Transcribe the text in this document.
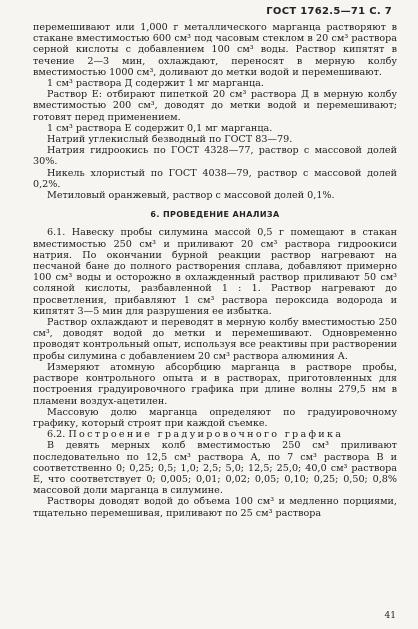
ГОСТ 1762.5—71 С. 7

перемешивают или 1,000 г металлического марганца растворяют в стакане вместимостью 600 см³ под часовым стеклом в 20 см³ раствора серной кислоты с добавлением 100 см³ воды. Раствор кипятят в течение 2—3 мин, охлаждают, переносят в мерную колбу вместимостью 1000 см³, доливают до метки водой и перемешивают.

1 см³ раствора Д содержит 1 мг марганца.

Раствор Е: отбирают пипеткой 20 см³ раствора Д в мерную колбу вместимостью 200 см³, доводят до метки водой и перемешивают; готовят перед применением.

1 см³ раствора Е содержит 0,1 мг марганца.

Натрий углекислый безводный по ГОСТ 83—79.

Натрия гидроокись по ГОСТ 4328—77, раствор с массовой долей 30%.

Никель хлористый по ГОСТ 4038—79, раствор с массовой долей 0,2%.

Метиловый оранжевый, раствор с массовой долей 0,1%.

6. ПРОВЕДЕНИЕ АНАЛИЗА

6.1. Навеску пробы силумина массой 0,5 г помещают в стакан вместимостью 250 см³ и приливают 20 см³ раствора гидроокиси натрия. По окончании бурной реакции раствор нагревают на песчаной бане до полного растворения сплава, добавляют примерно 100 см³ воды и осторожно в охлажденный раствор приливают 50 см³ соляной кислоты, разбавленной 1 : 1. Раствор нагревают до просветления, прибавляют 1 см³ раствора пероксида водорода и кипятят 3—5 мин для разрушения ее избытка.

Раствор охлаждают и переводят в мерную колбу вместимостью 250 см³, доводят водой до метки и перемешивают. Одновременно проводят контрольный опыт, используя все реактивы при растворении пробы силумина с добавлением 20 см³ раствора алюминия А.

Измеряют атомную абсорбцию марганца в растворе пробы, растворе контрольного опыта и в растворах, приготовленных для построения градуировочного графика при длине волны 279,5 нм в пламени воздух-ацетилен.

Массовую долю марганца определяют по градуировочному графику, который строят при каждой съемке.

6.2. Построение градуировочного графика

В девять мерных колб вместимостью 250 см³ приливают последовательно по 12,5 см³ раствора А, по 7 см³ раствора В и соответственно 0; 0,25; 0,5; 1,0; 2,5; 5,0; 12,5; 25,0; 40,0 см³ раствора Е, что соответствует 0; 0,005; 0,01; 0,02; 0,05; 0,10; 0,25; 0,50; 0,8% массовой доли марганца в силумине.

Растворы доводят водой до объема 100 см³ и медленно порциями, тщательно перемешивая, приливают по 25 см³ раствора

41
